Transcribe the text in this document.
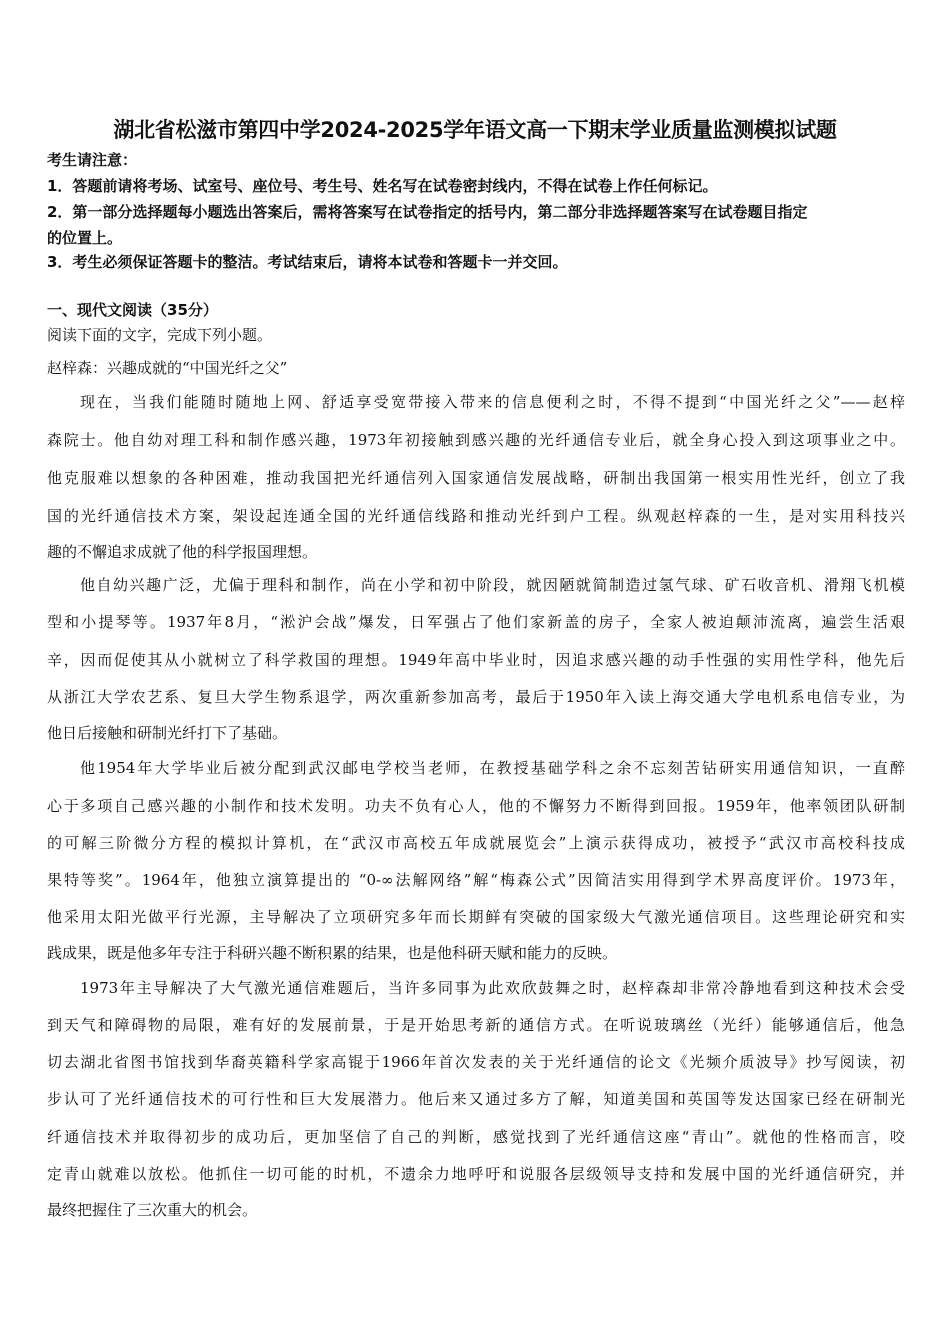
湖北省松滋市第四中学2024-2025学年语文高一下期末学业质量监测模拟试题
考生请注意：
1．答题前请将考场、试室号、座位号、考生号、姓名写在试卷密封线内，不得在试卷上作任何标记。
2．第一部分选择题每小题选出答案后，需将答案写在试卷指定的括号内，第二部分非选择题答案写在试卷题目指定
的位置上。
3．考生必须保证答题卡的整洁。考试结束后，请将本试卷和答题卡一并交回。
一、现代文阅读（35分）
阅读下面的文字，完成下列小题。
赵梓森：兴趣成就的“中国光纤之父”
现在，当我们能随时随地上网、舒适享受宽带接入带来的信息便利之时，不得不提到“中国光纤之父”——赵梓
森院士。他自幼对理工科和制作感兴趣，1973年初接触到感兴趣的光纤通信专业后，就全身心投入到这项事业之中。
他克服难以想象的各种困难，推动我国把光纤通信列入国家通信发展战略，研制出我国第一根实用性光纤，创立了我
国的光纤通信技术方案，架设起连通全国的光纤通信线路和推动光纤到户工程。纵观赵梓森的一生，是对实用科技兴
趣的不懈追求成就了他的科学报国理想。
他自幼兴趣广泛，尤偏于理科和制作，尚在小学和初中阶段，就因陋就简制造过氢气球、矿石收音机、滑翔飞机模
型和小提琴等。1937年8月，“淞沪会战”爆发，日军强占了他们家新盖的房子，全家人被迫颠沛流离，遍尝生活艰
辛，因而促使其从小就树立了科学救国的理想。1949年高中毕业时，因追求感兴趣的动手性强的实用性学科，他先后
从浙江大学农艺系、复旦大学生物系退学，两次重新参加高考，最后于1950年入读上海交通大学电机系电信专业，为
他日后接触和研制光纤打下了基础。
他1954年大学毕业后被分配到武汉邮电学校当老师，在教授基础学科之余不忘刻苦钻研实用通信知识，一直醉
心于多项自己感兴趣的小制作和技术发明。功夫不负有心人，他的不懈努力不断得到回报。1959年，他率领团队研制
的可解三阶微分方程的模拟计算机，在“武汉市高校五年成就展览会”上演示获得成功，被授予“武汉市高校科技成
果特等奖”。1964年，他独立演算提出的 “0-∞法解网络”解“梅森公式”因简洁实用得到学术界高度评价。1973年，
他采用太阳光做平行光源，主导解决了立项研究多年而长期鲜有突破的国家级大气激光通信项目。这些理论研究和实
践成果，既是他多年专注于科研兴趣不断积累的结果，也是他科研天赋和能力的反映。
1973年主导解决了大气激光通信难题后，当许多同事为此欢欣鼓舞之时，赵梓森却非常冷静地看到这种技术会受
到天气和障碍物的局限，难有好的发展前景，于是开始思考新的通信方式。在听说玻璃丝（光纤）能够通信后，他急
切去湖北省图书馆找到华裔英籍科学家高锟于1966年首次发表的关于光纤通信的论文《光频介质波导》抄写阅读，初
步认可了光纤通信技术的可行性和巨大发展潜力。他后来又通过多方了解，知道美国和英国等发达国家已经在研制光
纤通信技术并取得初步的成功后，更加坚信了自己的判断，感觉找到了光纤通信这座“青山”。就他的性格而言，咬
定青山就难以放松。他抓住一切可能的时机，不遗余力地呼吁和说服各层级领导支持和发展中国的光纤通信研究，并
最终把握住了三次重大的机会。
